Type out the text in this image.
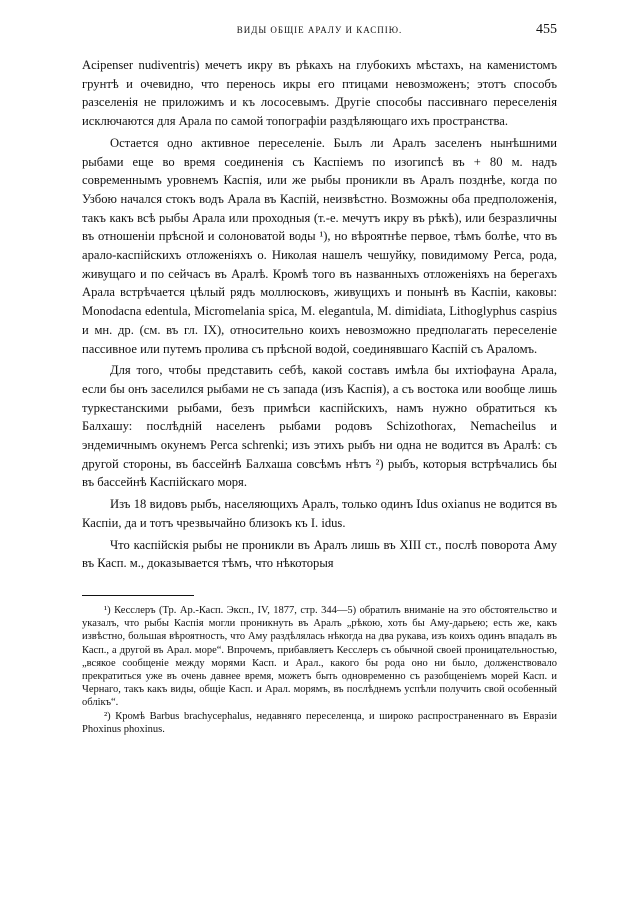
ВИДЫ ОБЩІЕ АРАЛУ И КАСПІЮ.	455

Acipenser nudiventris) мечетъ икру въ рѣкахъ на глубокихъ мѣстахъ, на каменистомъ грунтѣ и очевидно, что перенось икры его птицами невозможенъ; этотъ способъ разселенія не приложимъ и къ лососевымъ. Другіе способы пассивнаго переселенія исключаются для Арала по самой топографіи раздѣляющаго ихъ пространства.

Остается одно активное переселеніе. Былъ ли Аралъ заселенъ нынѣшними рыбами еще во время соединенія съ Каспіемъ по изогипсѣ въ + 80 м. надъ современнымъ уровнемъ Каспія, или же рыбы проникли въ Аралъ позднѣе, когда по Узбою начался стокъ водъ Арала въ Каспій, неизвѣстно. Возможны оба предположенія, такъ какъ всѣ рыбы Арала или проходныя (т.-е. мечутъ икру въ рѣкѣ), или безразличны въ отношеніи прѣсной и солоноватой воды ¹), но вѣроятнѣе первое, тѣмъ болѣе, что въ арало-каспійскихъ отложеніяхъ о. Николая нашелъ чешуйку, повидимому Perca, рода, живущаго и по сейчасъ въ Аралѣ. Кромѣ того въ названныхъ отложеніяхъ на берегахъ Арала встрѣчается цѣлый рядъ моллюсковъ, живущихъ и понынѣ въ Каспіи, каковы: Monodacna edentula, Micromelania spica, M. elegantula, M. dimidiata, Lithoglyphus caspius и мн. др. (см. въ гл. IX), относительно коихъ невозможно предполагать переселеніе пассивное или путемъ пролива съ прѣсной водой, соединявшаго Каспій съ Араломъ.

Для того, чтобы представить себѣ, какой составъ имѣла бы ихтіофауна Арала, если бы онъ заселился рыбами не съ запада (изъ Каспія), а съ востока или вообще лишь туркестанскими рыбами, безъ примѣси каспійскихъ, намъ нужно обратиться къ Балхашу: послѣдній населенъ рыбами родовъ Schizothorax, Nemacheilus и эндемичнымъ окунемъ Perca schrenki; изъ этихъ рыбъ ни одна не водится въ Аралѣ: съ другой стороны, въ бассейнѣ Балхаша совсѣмъ нѣтъ ²) рыбъ, которыя встрѣчались бы въ бассейнѣ Каспійскаго моря.

Изъ 18 видовъ рыбъ, населяющихъ Аралъ, только одинъ Idus oxianus не водится въ Каспіи, да и тотъ чрезвычайно близокъ къ I. idus.

Что каспійскія рыбы не проникли въ Аралъ лишь въ XIII ст., послѣ поворота Аму въ Касп. м., доказывается тѣмъ, что нѣкоторыя

¹) Кесслеръ (Тр. Ар.-Касп. Эксп., IV, 1877, стр. 344—5) обратилъ вниманіе на это обстоятельство и указалъ, что рыбы Каспія могли проникнуть въ Аралъ „рѣкою, хоть бы Аму-дарьею; есть же, какъ извѣстно, большая вѣроятность, что Аму раздѣлялась нѣкогда на два рукава, изъ коихъ одинъ впадалъ въ Касп., а другой въ Арал. море“. Впрочемъ, прибавляетъ Кесслеръ съ обычной своей проницательностью, „всякое сообщеніе между морями Касп. и Арал., какого бы рода оно ни было, долженствовало прекратиться уже въ очень давнее время, можетъ быть одновременно съ разобщеніемъ морей Касп. и Чернаго, такъ какъ виды, общіе Касп. и Арал. морямъ, въ послѣднемъ успѣли получить свой особенный облікъ“.

²) Кромѣ Barbus brachycephalus, недавняго переселенца, и широко распространеннаго въ Евразіи Phoxinus phoxinus.
